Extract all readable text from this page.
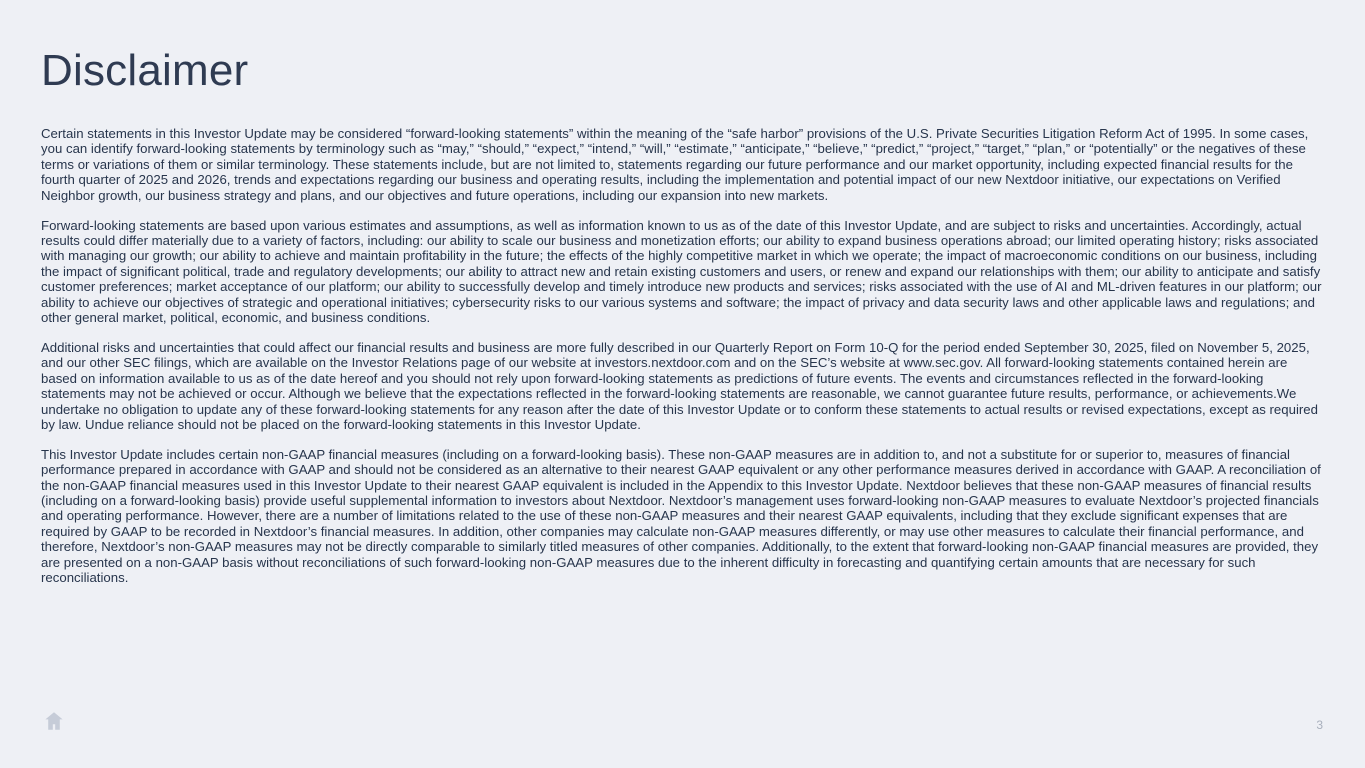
Disclaimer

Certain statements in this Investor Update may be considered “forward-looking statements” within the meaning of the “safe harbor” provisions of the U.S. Private Securities Litigation Reform Act of 1995. In some cases, you can identify forward-looking statements by terminology such as “may,” “should,” “expect,” “intend,” “will,” “estimate,” “anticipate,” “believe,” “predict,” “project,” “target,” “plan,” or “potentially” or the negatives of these terms or variations of them or similar terminology. These statements include, but are not limited to, statements regarding our future performance and our market opportunity, including expected financial results for the fourth quarter of 2025 and 2026, trends and expectations regarding our business and operating results, including the implementation and potential impact of our new Nextdoor initiative, our expectations on Verified Neighbor growth, our business strategy and plans, and our objectives and future operations, including our expansion into new markets.

Forward-looking statements are based upon various estimates and assumptions, as well as information known to us as of the date of this Investor Update, and are subject to risks and uncertainties. Accordingly, actual results could differ materially due to a variety of factors, including: our ability to scale our business and monetization efforts; our ability to expand business operations abroad; our limited operating history; risks associated with managing our growth; our ability to achieve and maintain profitability in the future; the effects of the highly competitive market in which we operate; the impact of macroeconomic conditions on our business, including the impact of significant political, trade and regulatory developments; our ability to attract new and retain existing customers and users, or renew and expand our relationships with them; our ability to anticipate and satisfy customer preferences; market acceptance of our platform; our ability to successfully develop and timely introduce new products and services; risks associated with the use of AI and ML-driven features in our platform; our ability to achieve our objectives of strategic and operational initiatives; cybersecurity risks to our various systems and software; the impact of privacy and data security laws and other applicable laws and regulations; and other general market, political, economic, and business conditions.

Additional risks and uncertainties that could affect our financial results and business are more fully described in our Quarterly Report on Form 10-Q for the period ended September 30, 2025, filed on November 5, 2025, and our other SEC filings, which are available on the Investor Relations page of our website at investors.nextdoor.com and on the SEC’s website at www.sec.gov. All forward-looking statements contained herein are based on information available to us as of the date hereof and you should not rely upon forward-looking statements as predictions of future events. The events and circumstances reflected in the forward-looking statements may not be achieved or occur. Although we believe that the expectations reflected in the forward-looking statements are reasonable, we cannot guarantee future results, performance, or achievements.We undertake no obligation to update any of these forward-looking statements for any reason after the date of this Investor Update or to conform these statements to actual results or revised expectations, except as required by law. Undue reliance should not be placed on the forward-looking statements in this Investor Update.

This Investor Update includes certain non-GAAP financial measures (including on a forward-looking basis). These non-GAAP measures are in addition to, and not a substitute for or superior to, measures of financial performance prepared in accordance with GAAP and should not be considered as an alternative to their nearest GAAP equivalent or any other performance measures derived in accordance with GAAP. A reconciliation of the non-GAAP financial measures used in this Investor Update to their nearest GAAP equivalent is included in the Appendix to this Investor Update. Nextdoor believes that these non-GAAP measures of financial results (including on a forward-looking basis) provide useful supplemental information to investors about Nextdoor. Nextdoor’s management uses forward-looking non-GAAP measures to evaluate Nextdoor’s projected financials and operating performance. However, there are a number of limitations related to the use of these non-GAAP measures and their nearest GAAP equivalents, including that they exclude significant expenses that are required by GAAP to be recorded in Nextdoor’s financial measures. In addition, other companies may calculate non-GAAP measures differently, or may use other measures to calculate their financial performance, and therefore, Nextdoor’s non-GAAP measures may not be directly comparable to similarly titled measures of other companies. Additionally, to the extent that forward-looking non-GAAP financial measures are provided, they are presented on a non-GAAP basis without reconciliations of such forward-looking non-GAAP measures due to the inherent difficulty in forecasting and quantifying certain amounts that are necessary for such reconciliations.

3
